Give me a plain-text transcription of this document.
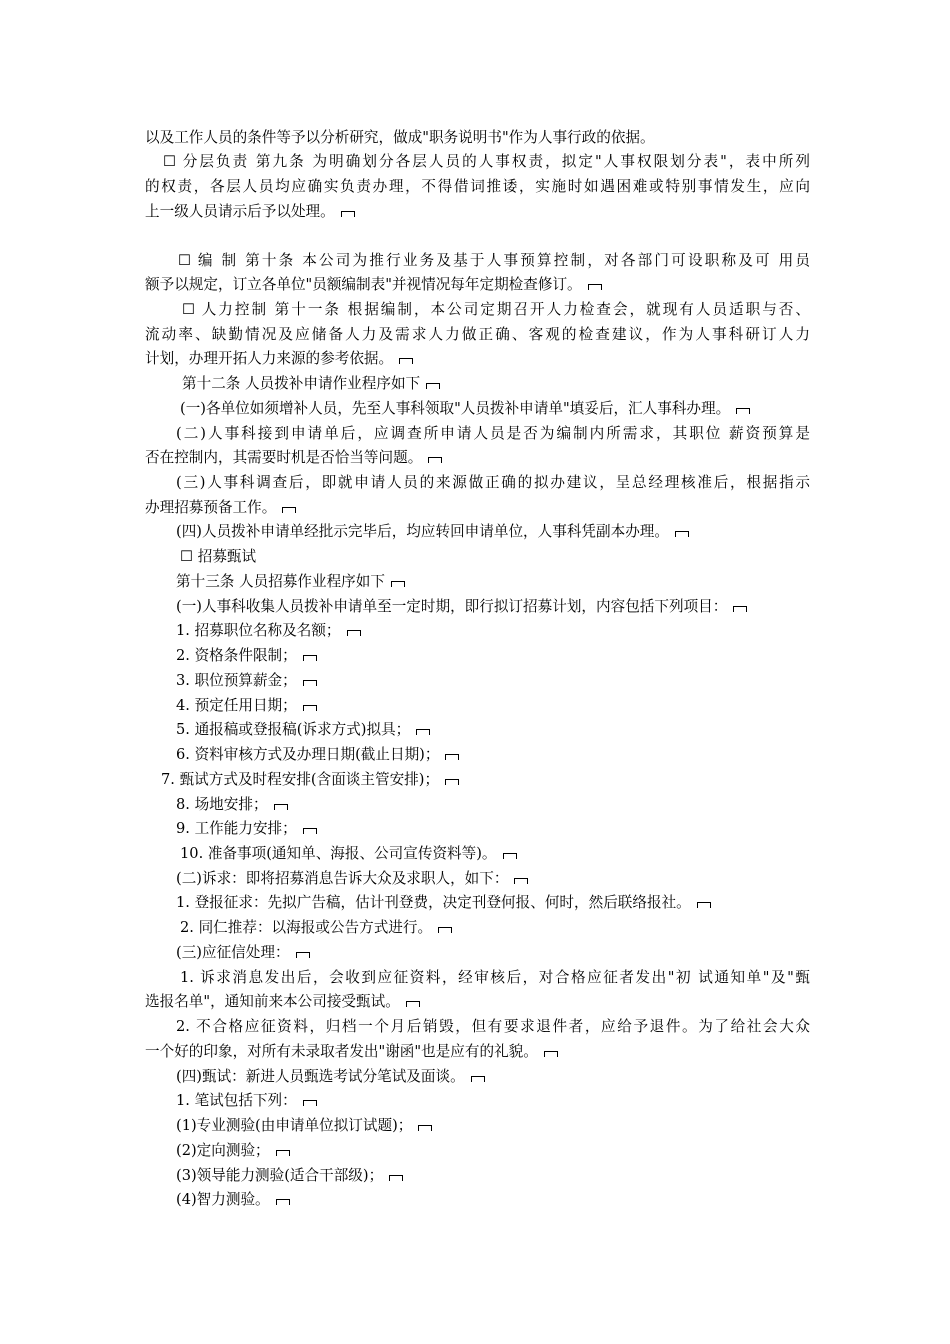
以及工作人员的条件等予以分析研究，做成"职务说明书"作为人事行政的依据。
☐ 分层负责 第九条 为明确划分各层人员的人事权责，拟定"人事权限划分表"，表中所列
的权责，各层人员均应确实负责办理，不得借词推诿，实施时如遇困难或特别事情发生，应向
上一级人员请示后予以处理。
☐ 编 制 第十条 本公司为推行业务及基于人事预算控制，对各部门可设职称及可 用员
额予以规定，订立各单位"员额编制表"并视情况每年定期检查修订。
☐ 人力控制 第十一条 根据编制，本公司定期召开人力检查会，就现有人员适职与否、
流动率、缺勤情况及应储备人力及需求人力做正确、客观的检查建议，作为人事科研订人力
计划，办理开拓人力来源的参考依据。
第十二条 人员拨补申请作业程序如下
(一)各单位如须增补人员，先至人事科领取"人员拨补申请单"填妥后，汇人事科办理。
(二)人事科接到申请单后，应调查所申请人员是否为编制内所需求，其职位 薪资预算是
否在控制内，其需要时机是否恰当等问题。
(三)人事科调查后，即就申请人员的来源做正确的拟办建议，呈总经理核准后，根据指示
办理招募预备工作。
(四)人员拨补申请单经批示完毕后，均应转回申请单位，人事科凭副本办理。
☐ 招募甄试
第十三条 人员招募作业程序如下
(一)人事科收集人员拨补申请单至一定时期，即行拟订招募计划，内容包括下列项目：
1. 招募职位名称及名额；
2. 资格条件限制；
3. 职位预算薪金；
4. 预定任用日期；
5. 通报稿或登报稿(诉求方式)拟具；
6. 资料审核方式及办理日期(截止日期)；
7. 甄试方式及时程安排(含面谈主管安排)；
8. 场地安排；
9. 工作能力安排；
10. 准备事项(通知单、海报、公司宣传资料等)。
(二)诉求：即将招募消息告诉大众及求职人，如下：
1. 登报征求：先拟广告稿，估计刊登费，决定刊登何报、何时，然后联络报社。
2. 同仁推荐：以海报或公告方式进行。
(三)应征信处理：
1. 诉求消息发出后，会收到应征资料，经审核后，对合格应征者发出"初 试通知单"及"甄
选报名单"，通知前来本公司接受甄试。
2. 不合格应征资料，归档一个月后销毁，但有要求退件者，应给予退件。为了给社会大众
一个好的印象，对所有未录取者发出"谢函"也是应有的礼貌。
(四)甄试：新进人员甄选考试分笔试及面谈。
1. 笔试包括下列：
(1)专业测验(由申请单位拟订试题)；
(2)定向测验；
(3)领导能力测验(适合干部级)；
(4)智力测验。
